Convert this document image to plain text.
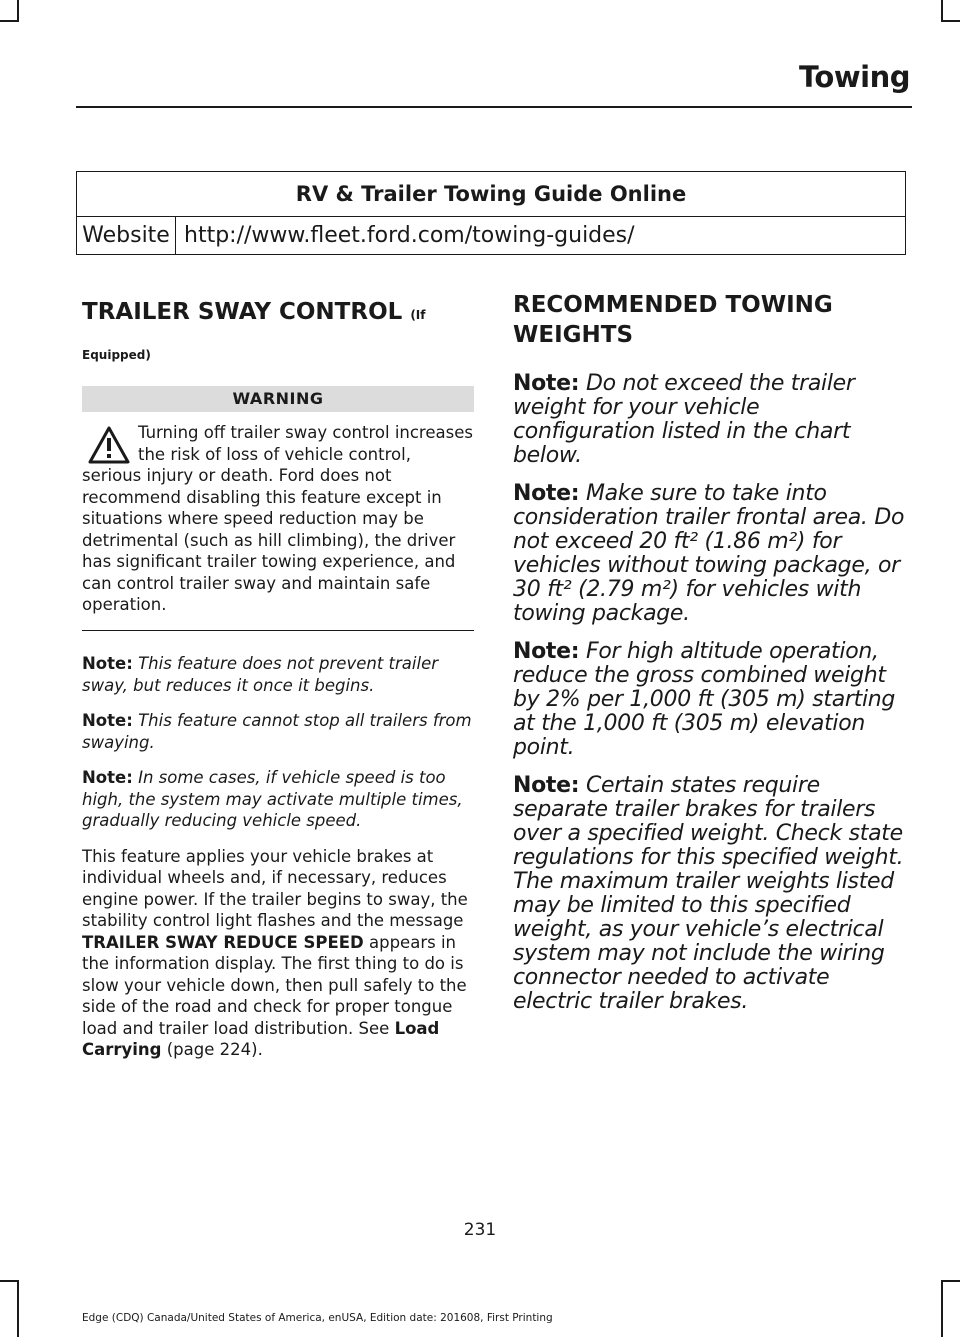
Towing
RV & Trailer Towing Guide Online
Website	http://www.fleet.ford.com/towing-guides/
TRAILER SWAY CONTROL (If
Equipped)
WARNING
Turning off trailer sway control increases the risk of loss of vehicle control, serious injury or death. Ford does not recommend disabling this feature except in situations where speed reduction may be detrimental (such as hill climbing), the driver has significant trailer towing experience, and can control trailer sway and maintain safe operation.

Note: This feature does not prevent trailer sway, but reduces it once it begins.

Note: This feature cannot stop all trailers from swaying.

Note: In some cases, if vehicle speed is too high, the system may activate multiple times, gradually reducing vehicle speed.

This feature applies your vehicle brakes at individual wheels and, if necessary, reduces engine power. If the trailer begins to sway, the stability control light flashes and the message TRAILER SWAY REDUCE SPEED appears in the information display. The first thing to do is slow your vehicle down, then pull safely to the side of the road and check for proper tongue load and trailer load distribution. See Load Carrying (page 224).

RECOMMENDED TOWING WEIGHTS

Note: Do not exceed the trailer weight for your vehicle configuration listed in the chart below.

Note: Make sure to take into consideration trailer frontal area. Do not exceed 20 ft² (1.86 m²) for vehicles without towing package, or 30 ft² (2.79 m²) for vehicles with towing package.

Note: For high altitude operation, reduce the gross combined weight by 2% per 1,000 ft (305 m) starting at the 1,000 ft (305 m) elevation point.

Note: Certain states require separate trailer brakes for trailers over a specified weight. Check state regulations for this specified weight. The maximum trailer weights listed may be limited to this specified weight, as your vehicle’s electrical system may not include the wiring connector needed to activate electric trailer brakes.

231
Edge (CDQ) Canada/United States of America, enUSA, Edition date: 201608, First Printing
